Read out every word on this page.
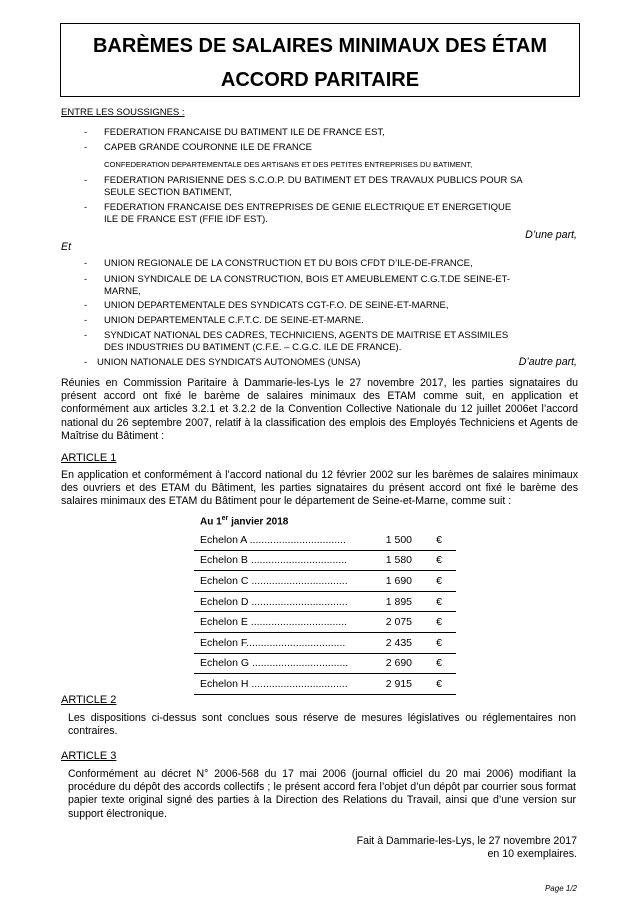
BARÈMES DE SALAIRES MINIMAUX DES ÉTAM
ACCORD PARITAIRE
ENTRE LES SOUSSIGNES :
- FEDERATION FRANCAISE DU BATIMENT ILE DE FRANCE EST,
- CAPEB GRANDE COURONNE ILE DE FRANCE
CONFEDERATION DEPARTEMENTALE DES ARTISANS ET DES PETITES ENTREPRISES DU BATIMENT,
- FEDERATION PARISIENNE DES S.C.O.P. DU BATIMENT ET DES TRAVAUX PUBLICS POUR SA SEULE SECTION BATIMENT,
- FEDERATION FRANCAISE DES ENTREPRISES DE GENIE ELECTRIQUE ET ENERGETIQUE ILE DE FRANCE EST (FFIE IDF EST).
D’une part,
Et
- UNION REGIONALE DE LA CONSTRUCTION ET DU BOIS CFDT D’ILE-DE-FRANCE,
- UNION SYNDICALE DE LA CONSTRUCTION, BOIS ET AMEUBLEMENT C.G.T.DE SEINE-ET-MARNE,
- UNION DEPARTEMENTALE DES SYNDICATS CGT-F.O. DE SEINE-ET-MARNE,
- UNION DEPARTEMENTALE C.F.T.C. DE SEINE-ET-MARNE.
- SYNDICAT NATIONAL DES CADRES, TECHNICIENS, AGENTS DE MAITRISE ET ASSIMILES DES INDUSTRIES DU BATIMENT (C.F.E. – C.G.C. ILE DE FRANCE).
- UNION NATIONALE DES SYNDICATS AUTONOMES (UNSA)	D’autre part,
Réunies en Commission Paritaire à Dammarie-les-Lys le 27 novembre 2017, les parties signataires du présent accord ont fixé le barème de salaires minimaux des ETAM comme suit, en application et conformément aux articles 3.2.1 et 3.2.2 de la Convention Collective Nationale du 12 juillet 2006et l’accord national du 26 septembre 2007, relatif à la classification des emplois des Employés Techniciens et Agents de Maîtrise du Bâtiment :
ARTICLE 1
En application et conformément à l’accord national du 12 février 2002 sur les barèmes de salaires minimaux des ouvriers et des ETAM du Bâtiment, les parties signataires du présent accord ont fixé le barème des salaires minimaux des ETAM du Bâtiment pour le département de Seine-et-Marne, comme suit :
Au 1er janvier 2018
Echelon A .................................	1 500	€
Echelon B .................................	1 580	€
Echelon C .................................	1 690	€
Echelon D .................................	1 895	€
Echelon E .................................	2 075	€
Echelon F..................................	2 435	€
Echelon G .................................	2 690	€
Echelon H .................................	2 915	€
ARTICLE 2
Les dispositions ci-dessus sont conclues sous réserve de mesures législatives ou réglementaires non contraires.
ARTICLE 3
Conformément au décret N° 2006-568 du 17 mai 2006 (journal officiel du 20 mai 2006) modifiant la procédure du dépôt des accords collectifs ; le présent accord fera l’objet d’un dépôt par courrier sous format papier texte original signé des parties à la Direction des Relations du Travail, ainsi que d’une version sur support électronique.
Fait à Dammarie-les-Lys, le 27 novembre 2017
en 10 exemplaires.
Page 1/2
